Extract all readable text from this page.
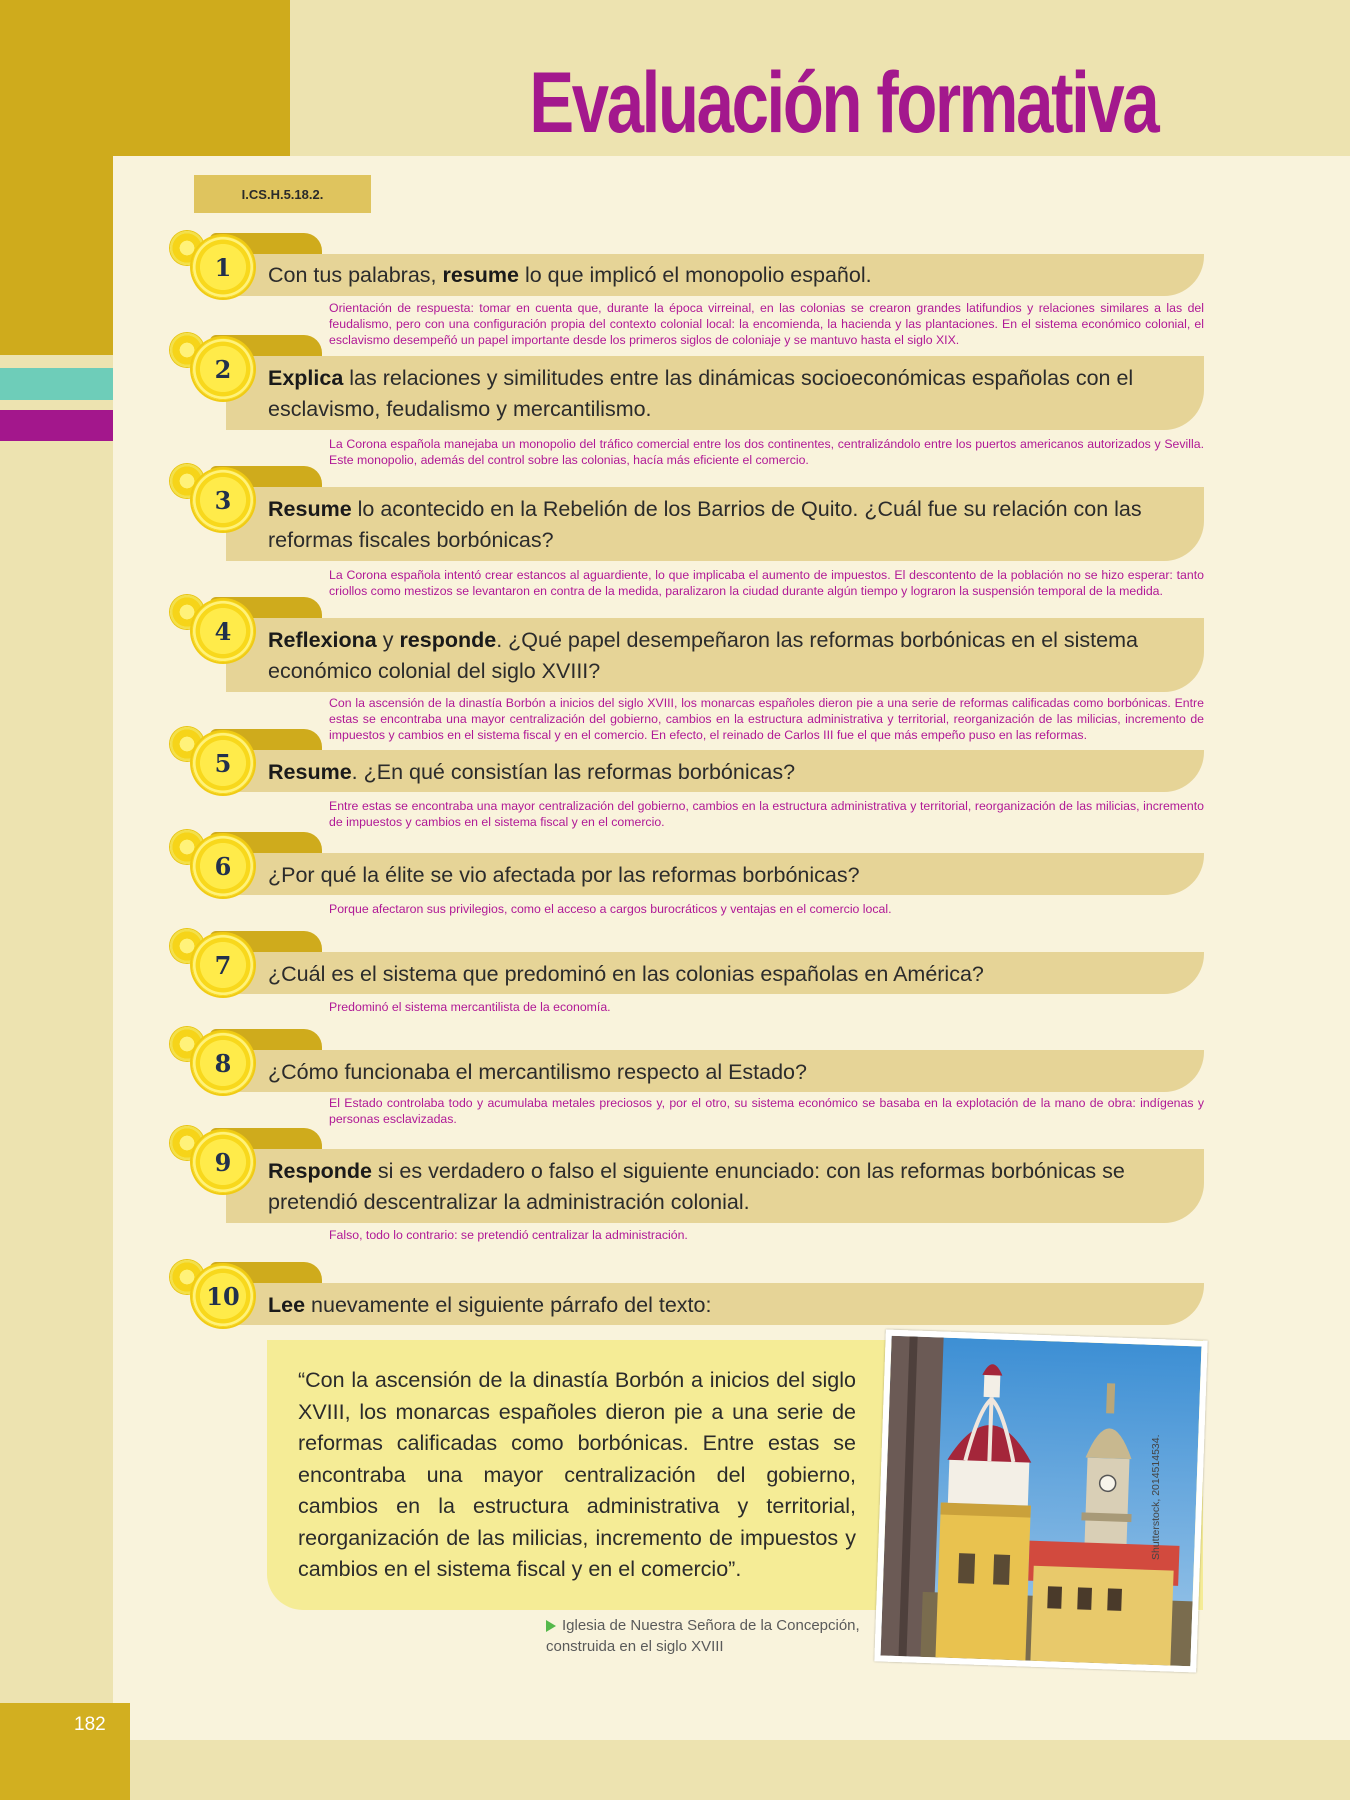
Evaluación formativa
I.CS.H.5.18.2.
1	Con tus palabras, resume lo que implicó el monopolio español.
Orientación de respuesta: tomar en cuenta que, durante la época virreinal, en las colonias se crearon grandes latifundios y relaciones similares a las del feudalismo, pero con una configuración propia del contexto colonial local: la encomienda, la hacienda y las plantaciones. En el sistema económico colonial, el esclavismo desempeñó un papel importante desde los primeros siglos de coloniaje y se mantuvo hasta el siglo XIX.
2	Explica las relaciones y similitudes entre las dinámicas socioeconómicas españolas con el esclavismo, feudalismo y mercantilismo.
La Corona española manejaba un monopolio del tráfico comercial entre los dos continentes, centralizándolo entre los puertos americanos autorizados y Sevilla. Este monopolio, además del control sobre las colonias, hacía más eficiente el comercio.
3	Resume lo acontecido en la Rebelión de los Barrios de Quito. ¿Cuál fue su relación con las reformas fiscales borbónicas?
La Corona española intentó crear estancos al aguardiente, lo que implicaba el aumento de impuestos. El descontento de la población no se hizo esperar: tanto criollos como mestizos se levantaron en contra de la medida, paralizaron la ciudad durante algún tiempo y lograron la suspensión temporal de la medida.
4	Reflexiona y responde. ¿Qué papel desempeñaron las reformas borbónicas en el sistema económico colonial del siglo XVIII?
Con la ascensión de la dinastía Borbón a inicios del siglo XVIII, los monarcas españoles dieron pie a una serie de reformas calificadas como borbónicas. Entre estas se encontraba una mayor centralización del gobierno, cambios en la estructura administrativa y territorial, reorganización de las milicias, incremento de impuestos y cambios en el sistema fiscal y en el comercio. En efecto, el reinado de Carlos III fue el que más empeño puso en las reformas.
5	Resume. ¿En qué consistían las reformas borbónicas?
Entre estas se encontraba una mayor centralización del gobierno, cambios en la estructura administrativa y territorial, reorganización de las milicias, incremento de impuestos y cambios en el sistema fiscal y en el comercio.
6	¿Por qué la élite se vio afectada por las reformas borbónicas?
Porque afectaron sus privilegios, como el acceso a cargos burocráticos y ventajas en el comercio local.
7	¿Cuál es el sistema que predominó en las colonias españolas en América?
Predominó el sistema mercantilista de la economía.
8	¿Cómo funcionaba el mercantilismo respecto al Estado?
El Estado controlaba todo y acumulaba metales preciosos y, por el otro, su sistema económico se basaba en la explotación de la mano de obra: indígenas y personas esclavizadas.
9	Responde si es verdadero o falso el siguiente enunciado: con las reformas borbónicas se pretendió descentralizar la administración colonial.
Falso, todo lo contrario: se pretendió centralizar la administración.
10	Lee nuevamente el siguiente párrafo del texto:
“Con la ascensión de la dinastía Borbón a inicios del siglo XVIII, los monarcas españoles dieron pie a una serie de reformas calificadas como borbónicas. Entre estas se encontraba una mayor centralización del gobierno, cambios en la estructura administrativa y territorial, reorganización de las milicias, incremento de impuestos y cambios en el sistema fiscal y en el comercio”.
Iglesia de Nuestra Señora de la Concepción, construida en el siglo XVIII
Shutterstock, 2014514534.
182
